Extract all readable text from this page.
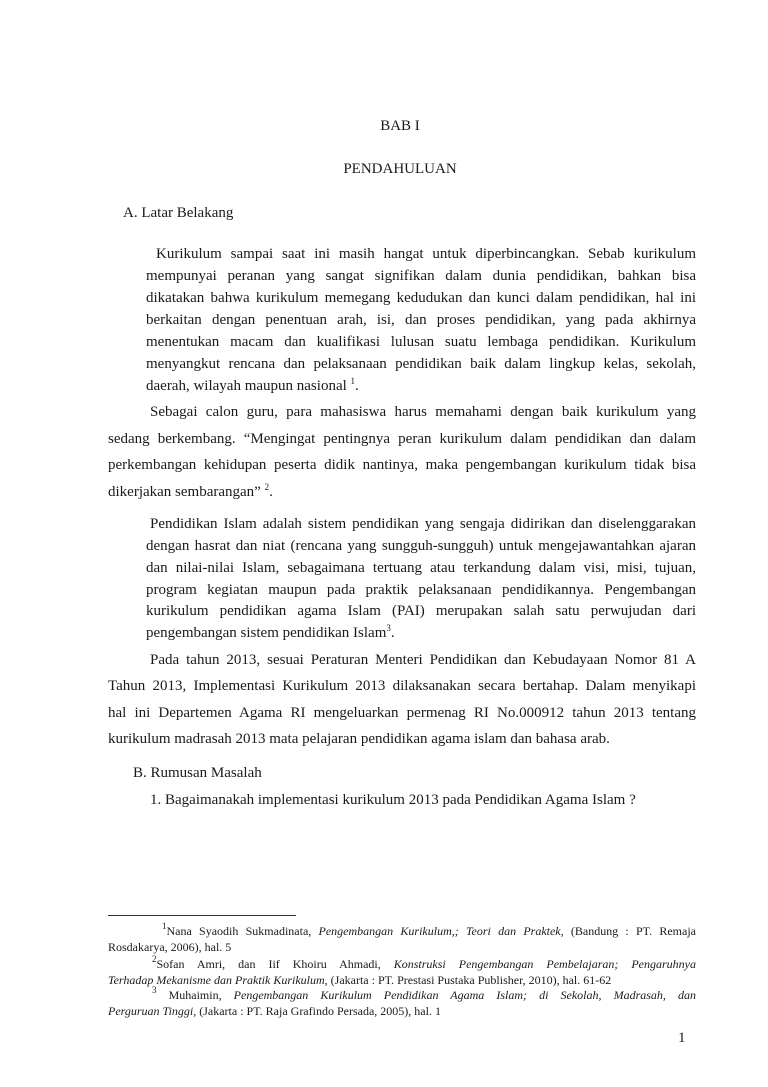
BAB I

PENDAHULUAN

A. Latar Belakang

Kurikulum sampai saat ini masih hangat untuk diperbincangkan. Sebab kurikulum

mempunyai peranan yang sangat signifikan dalam dunia pendidikan, bahkan bisa

dikatakan bahwa kurikulum memegang kedudukan dan kunci dalam pendidikan, hal ini

berkaitan dengan penentuan arah, isi, dan proses pendidikan, yang pada akhirnya

menentukan macam dan kualifikasi lulusan suatu lembaga pendidikan. Kurikulum

menyangkut rencana dan pelaksanaan pendidikan baik dalam lingkup kelas, sekolah,

daerah, wilayah maupun nasional $^1$.

Sebagai calon guru, para mahasiswa harus memahami dengan baik kurikulum yang

sedang berkembang. “Mengingat pentingnya peran kurikulum dalam pendidikan dan dalam

perkembangan kehidupan peserta didik nantinya, maka pengembangan kurikulum tidak bisa

dikerjakan sembarangan” $^2$.

Pendidikan Islam adalah sistem pendidikan yang sengaja didirikan dan diselenggarakan

dengan hasrat dan niat (rencana yang sungguh-sungguh) untuk mengejawantahkan ajaran

dan nilai-nilai Islam, sebagaimana tertuang atau terkandung dalam visi, misi, tujuan,

program kegiatan maupun pada praktik pelaksanaan pendidikannya. Pengembangan

kurikulum pendidikan agama Islam (PAI) merupakan salah satu perwujudan dari

pengembangan sistem pendidikan Islam$^3$.

Pada tahun 2013, sesuai Peraturan Menteri Pendidikan dan Kebudayaan Nomor 81 A

Tahun 2013, Implementasi Kurikulum 2013 dilaksanakan secara bertahap. Dalam menyikapi

hal ini Departemen Agama RI mengeluarkan permenag RI No.000912 tahun 2013 tentang

kurikulum madrasah 2013 mata pelajaran pendidikan agama islam dan bahasa arab.

B. Rumusan Masalah

1. Bagaimanakah implementasi kurikulum 2013 pada Pendidikan Agama Islam ?

$^1$Nana Syaodih Sukmadinata, Pengembangan Kurikulum,; Teori dan Praktek, (Bandung : PT. Remaja

Rosdakarya, 2006), hal. 5

$^2$Sofan Amri, dan Iif Khoiru Ahmadi, Konstruksi Pengembangan Pembelajaran; Pengaruhnya

Terhadap Mekanisme dan Praktik Kurikulum, (Jakarta : PT. Prestasi Pustaka Publisher, 2010), hal. 61-62

$^3$ Muhaimin, Pengembangan Kurikulum Pendidikan Agama Islam; di Sekolah, Madrasah, dan

Perguruan Tinggi, (Jakarta : PT. Raja Grafindo Persada, 2005), hal. 1

1
